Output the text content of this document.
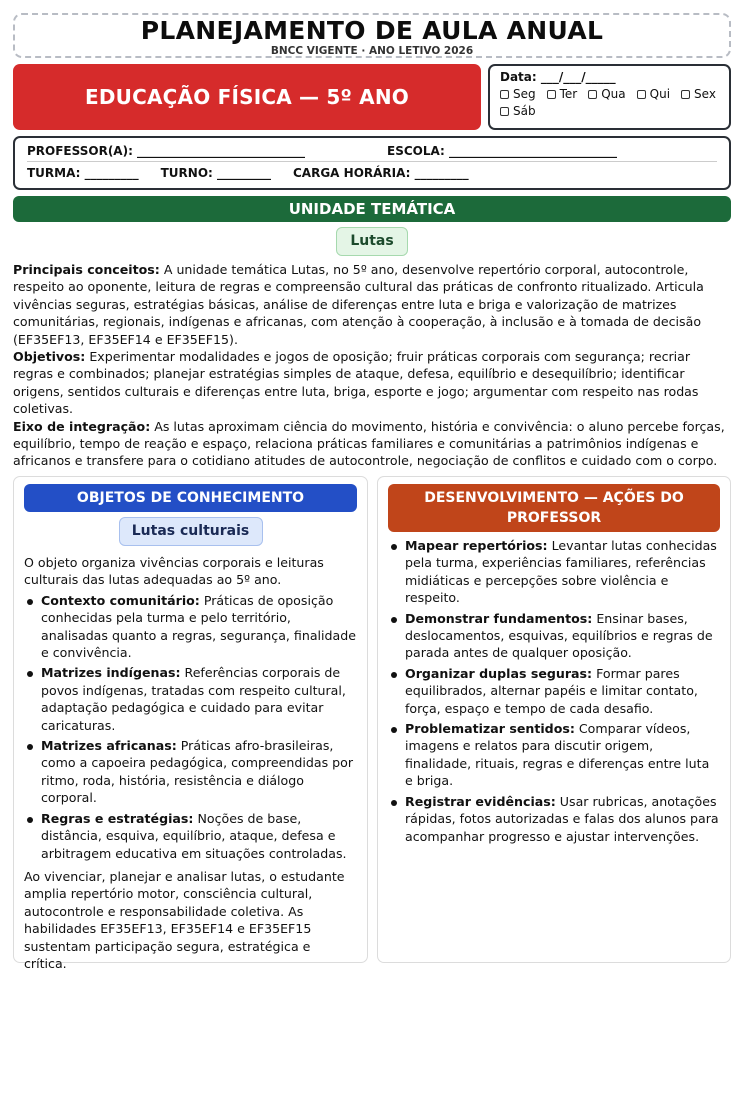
PLANEJAMENTO DE AULA ANUAL
BNCC VIGENTE · ANO LETIVO 2026
EDUCAÇÃO FÍSICA — 5º ANO
Data: ___/___/_____
Seg Ter Qua Qui Sex
Sáb
PROFESSOR(A): ____________________________	ESCOLA: ____________________________
TURMA: _________ TURNO: _________ CARGA HORÁRIA: _________
UNIDADE TEMÁTICA
Lutas

Principais conceitos: A unidade temática Lutas, no 5º ano, desenvolve repertório corporal, autocontrole, respeito ao oponente, leitura de regras e compreensão cultural das práticas de confronto ritualizado. Articula vivências seguras, estratégias básicas, análise de diferenças entre luta e briga e valorização de matrizes comunitárias, regionais, indígenas e africanas, com atenção à cooperação, à inclusão e à tomada de decisão (EF35EF13, EF35EF14 e EF35EF15).

Objetivos: Experimentar modalidades e jogos de oposição; fruir práticas corporais com segurança; recriar regras e combinados; planejar estratégias simples de ataque, defesa, equilíbrio e desequilíbrio; identificar origens, sentidos culturais e diferenças entre luta, briga, esporte e jogo; argumentar com respeito nas rodas coletivas.

Eixo de integração: As lutas aproximam ciência do movimento, história e convivência: o aluno percebe forças, equilíbrio, tempo de reação e espaço, relaciona práticas familiares e comunitárias a patrimônios indígenas e africanos e transfere para o cotidiano atitudes de autocontrole, negociação de conflitos e cuidado com o corpo.

OBJETOS DE CONHECIMENTO
Lutas culturais

O objeto organiza vivências corporais e leituras culturais das lutas adequadas ao 5º ano.

Contexto comunitário: Práticas de oposição conhecidas pela turma e pelo território, analisadas quanto a regras, segurança, finalidade e convivência.
Matrizes indígenas: Referências corporais de povos indígenas, tratadas com respeito cultural, adaptação pedagógica e cuidado para evitar caricaturas.
Matrizes africanas: Práticas afro-brasileiras, como a capoeira pedagógica, compreendidas por ritmo, roda, história, resistência e diálogo corporal.
Regras e estratégias: Noções de base, distância, esquiva, equilíbrio, ataque, defesa e arbitragem educativa em situações controladas.

Ao vivenciar, planejar e analisar lutas, o estudante amplia repertório motor, consciência cultural, autocontrole e responsabilidade coletiva. As habilidades EF35EF13, EF35EF14 e EF35EF15 sustentam participação segura, estratégica e crítica.

DESENVOLVIMENTO — AÇÕES DO PROFESSOR
Mapear repertórios: Levantar lutas conhecidas pela turma, experiências familiares, referências midiáticas e percepções sobre violência e respeito.
Demonstrar fundamentos: Ensinar bases, deslocamentos, esquivas, equilíbrios e regras de parada antes de qualquer oposição.
Organizar duplas seguras: Formar pares equilibrados, alternar papéis e limitar contato, força, espaço e tempo de cada desafio.
Problematizar sentidos: Comparar vídeos, imagens e relatos para discutir origem, finalidade, rituais, regras e diferenças entre luta e briga.
Registrar evidências: Usar rubricas, anotações rápidas, fotos autorizadas e falas dos alunos para acompanhar progresso e ajustar intervenções.
